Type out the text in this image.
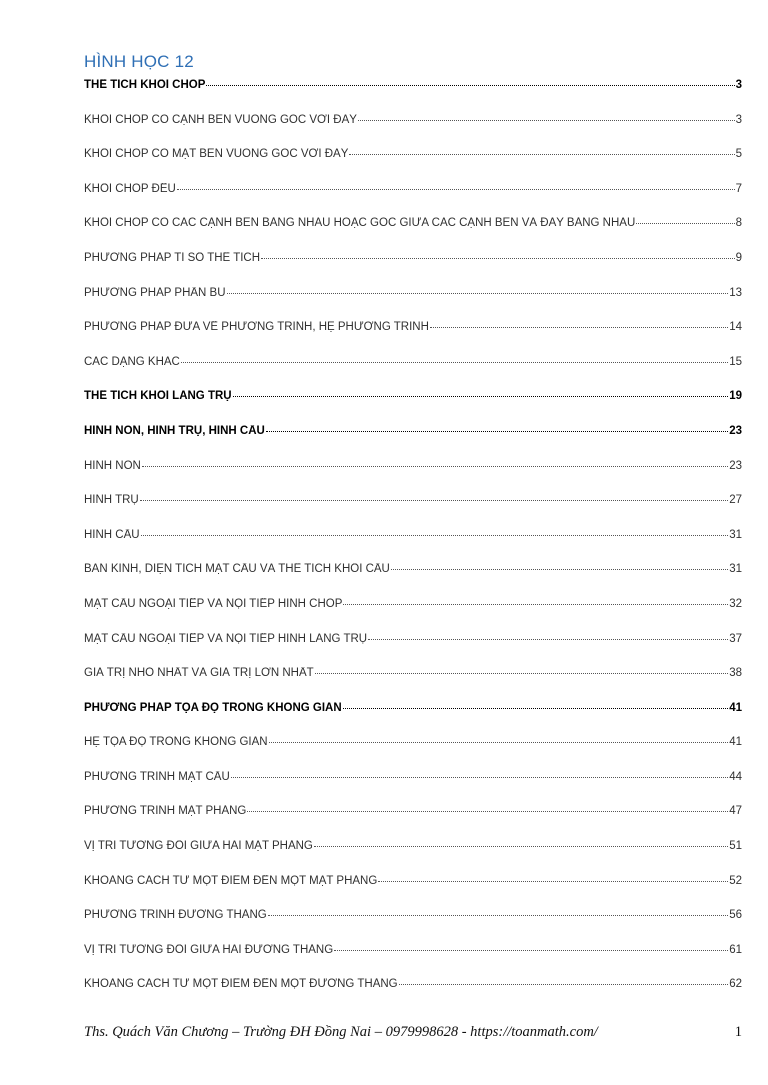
HÌNH HỌC 12
THỂ TÍCH KHỐI CHÓP	3
KHỐI CHÓP CÓ CẠNH BÊN VUÔNG GÓC VỚI ĐÁY	3
KHỐI CHÓP CÓ MẶT BÊN VUÔNG GÓC VỚI ĐÁY	5
KHỐI CHÓP ĐỀU	7
KHỐI CHÓP CÓ CÁC CẠNH BÊN BẰNG NHAU HOẶC GÓC GIỮA CÁC CẠNH BÊN VÀ ĐÁY BẰNG NHAU	8
PHƯƠNG PHÁP TỈ SỐ THỂ TÍCH	9
PHƯƠNG PHÁP PHẦN BÙ	13
PHƯƠNG PHÁP ĐƯA VỀ PHƯƠNG TRÌNH, HỆ PHƯƠNG TRÌNH	14
CÁC DẠNG KHÁC	15
THỂ TÍCH KHỐI LĂNG TRỤ	19
HÌNH NÓN, HÌNH TRỤ, HÌNH CẦU	23
HÌNH NÓN	23
HÌNH TRỤ	27
HÌNH CẦU	31
BÁN KÍNH, DIỆN TÍCH MẶT CẦU VÀ THỂ TÍCH KHỐI CẦU	31
MẶT CẦU NGOẠI TIẾP VÀ NỘI TIẾP HÌNH CHÓP	32
MẶT CẦU NGOẠI TIẾP VÀ NỘI TIẾP HÌNH LĂNG TRỤ	37
GIÁ TRỊ NHỎ NHẤT VÀ GIÁ TRỊ LỚN NHẤT	38
PHƯƠNG PHÁP TỌA ĐỘ TRONG KHÔNG GIAN	41
HỆ TỌA ĐỘ TRONG KHÔNG GIAN	41
PHƯƠNG TRÌNH MẶT CẦU	44
PHƯƠNG TRÌNH MẶT PHẲNG	47
VỊ TRÍ TƯƠNG ĐỐI GIỮA HAI MẶT PHẲNG	51
KHOẢNG CÁCH TỪ MỘT ĐIỂM ĐẾN MỘT MẶT PHẲNG	52
PHƯƠNG TRÌNH ĐƯỜNG THẲNG	56
VỊ TRÍ TƯƠNG ĐỐI GIỮA HAI ĐƯỜNG THẲNG	61
KHOẢNG CÁCH TỪ MỘT ĐIỂM ĐẾN MỘT ĐƯỜNG THẲNG	62
Ths. Quách Văn Chương – Trường ĐH Đồng Nai – 0979998628 - https://toanmath.com/	1
